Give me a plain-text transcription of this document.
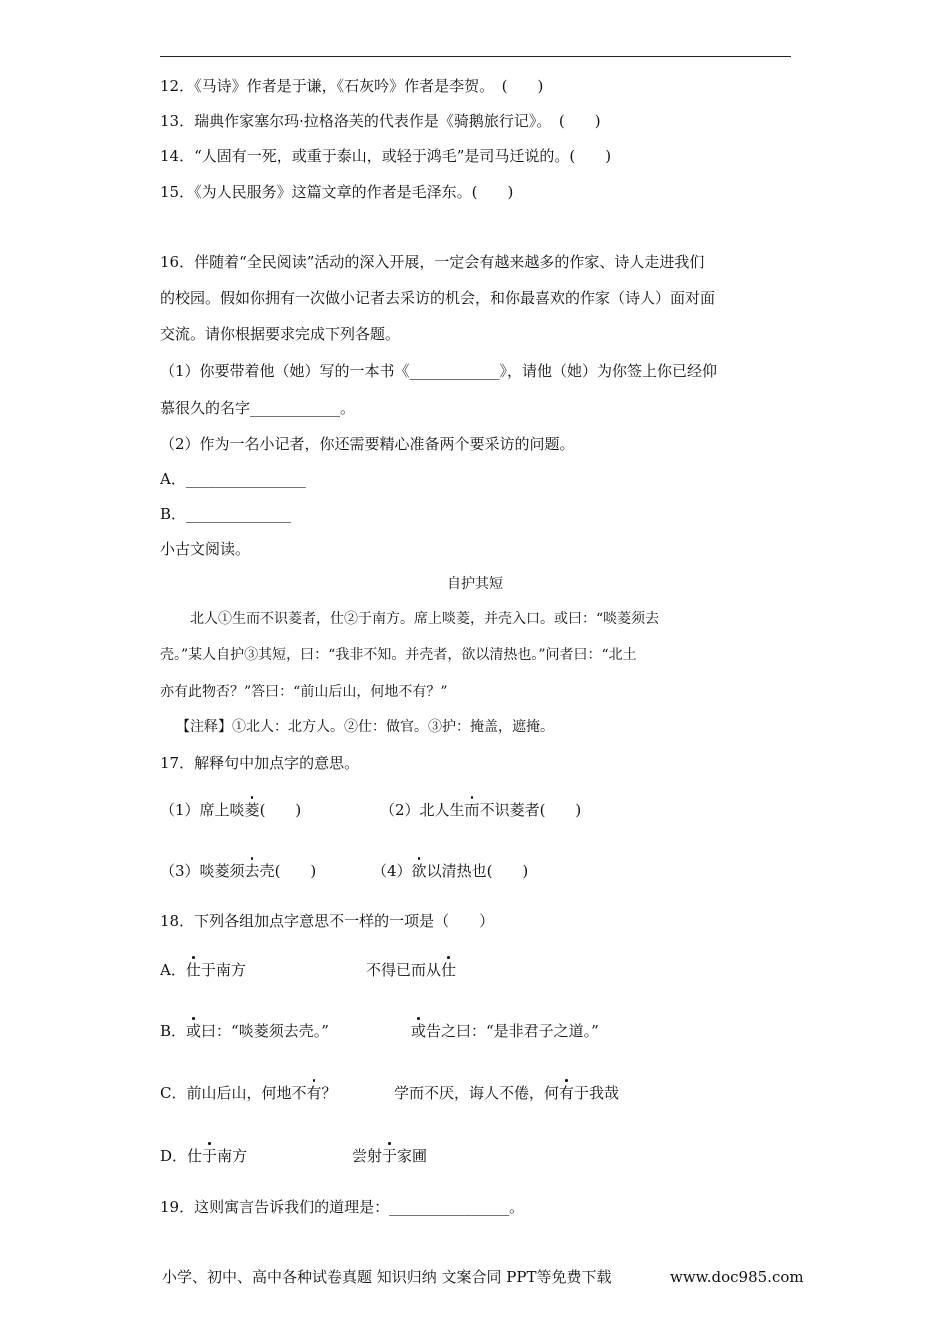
12．《马诗》作者是于谦，《石灰吟》作者是李贺。　(　　)
13．瑞典作家塞尔玛·拉格洛芙的代表作是《骑鹅旅行记》。　(　　)
14．“人固有一死，或重于泰山，或轻于鸿毛”是司马迁说的。(　　)
15．《为人民服务》这篇文章的作者是毛泽东。(　　)
16．伴随着“全民阅读”活动的深入开展，一定会有越来越多的作家、诗人走进我们
的校园。假如你拥有一次做小记者去采访的机会，和你最喜欢的作家（诗人）面对面
交流。请你根据要求完成下列各题。
（1）你要带着他（她）写的一本书《____________》，请他（她）为你签上你已经仰
慕很久的名字____________。
（2）作为一名小记者，你还需要精心准备两个要采访的问题。
A．________________
B．______________
小古文阅读。
自护其短
北人①生而不识菱者，仕②于南方。席上啖菱，并壳入口。或曰：“啖菱须去
壳。”某人自护③其短，曰：“我非不知。并壳者，欲以清热也。”问者曰：“北土
亦有此物否？”答曰：“前山后山，何地不有？”
【注释】①北人：北方人。②仕：做官。③护：掩盖，遮掩。
17．解释句中加点字的意思。
（1）席上啖菱(　　)	（2）北人生而不识菱者(　　)
（3）啖菱须去壳(　　)	（4）欲以清热也(　　)
18．下列各组加点字意思不一样的一项是（　　）
A．仕于南方	不得已而从仕
B．或曰：“啖菱须去壳。”	或告之曰：“是非君子之道。”
C．前山后山，何地不有？	学而不厌，诲人不倦，何有于我哉
D．仕于南方	尝射于家圃
19．这则寓言告诉我们的道理是：________________。
小学、初中、高中各种试卷真题 知识归纳 文案合同 PPT等免费下载	www.doc985.com
